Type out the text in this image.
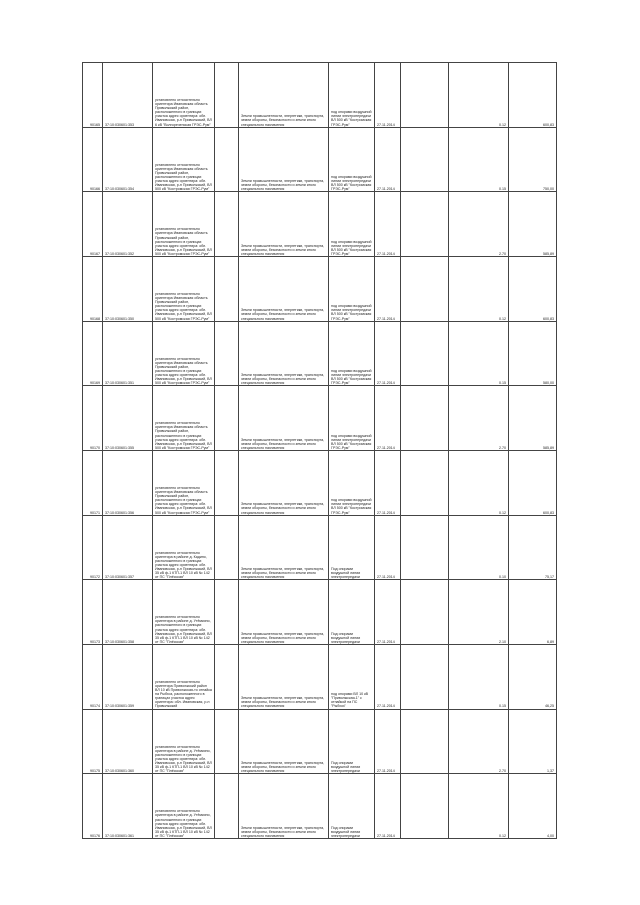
90165	37:10:030601:353	установлено относительно ориентира Ивановская область Приволжский район, расположенного в границах участка адрес ориентира: обл. Ивановская, р-н Приволжский, ВЛ 6 кВ "Волгореченская ГРЭС-Рум"		Земли промышленности, энергетики, транспорта, земли обороны, безопасности и земли иного специального назначения	под опорами воздушной линии электропередачи ВЛ 500 кВ "Костромская ГРЭС-Рум"	27.11.2014		0.12	600,83
90166	37:10:030601:354	установлено относительно ориентира Ивановская область Приволжский район, расположенного в границах участка адрес ориентира: обл. Ивановская, р-н Приволжский, ВЛ 500 кВ "Костромская ГРЭС-Рум"		Земли промышленности, энергетики, транспорта, земли обороны, безопасности и земли иного специального назначения	под опорами воздушной линии электропередачи ВЛ 500 кВ "Костромская ГРЭС-Рум"	27.11.2014		0.15	750,00
90167	37:10:030601:352	установлено относительно ориентира Ивановская область Приволжский район, расположенного в границах участка адрес ориентира: обл. Ивановская, р-н Приволжский, ВЛ 500 кВ "Костромская ГРЭС-Рум"		Земли промышленности, энергетики, транспорта, земли обороны, безопасности и земли иного специального назначения	под опорами воздушной линии электропередачи ВЛ 500 кВ "Костромская ГРЭС-Рум"	27.11.2014		2.70	585,89
90168	37:10:030601:350	установлено относительно ориентира Ивановская область Приволжский район, расположенного в границах участка адрес ориентира: обл. Ивановская, р-н Приволжский, ВЛ 500 кВ "Костромская ГРЭС-Рум"		Земли промышленности, энергетики, транспорта, земли обороны, безопасности и земли иного специального назначения	под опорами воздушной линии электропередачи ВЛ 500 кВ "Костромская ГРЭС-Рум"	27.11.2014		0.12	600,83
90169	37:10:030601:351	установлено относительно ориентира Ивановская область Приволжский район, расположенного в границах участка адрес ориентира: обл. Ивановская, р-н Приволжский, ВЛ 500 кВ "Костромская ГРЭС-Рум"		Земли промышленности, энергетики, транспорта, земли обороны, безопасности и земли иного специального назначения	под опорами воздушной линии электропередачи ВЛ 500 кВ "Костромская ГРЭС-Рум"	27.11.2014		0.15	580,00
90170	37:10:030601:355	установлено относительно ориентира Ивановская область Приволжский район, расположенного в границах участка адрес ориентира: обл. Ивановская, р-н Приволжский, ВЛ 500 кВ "Костромская ГРЭС-Рум"		Земли промышленности, энергетики, транспорта, земли обороны, безопасности и земли иного специального назначения	под опорами воздушной линии электропередачи ВЛ 500 кВ "Костромская ГРЭС-Рум"	27.11.2014		2.70	585,89
90171	37:10:030601:356	установлено относительно ориентира Ивановская область Приволжский район, расположенного в границах участка адрес ориентира: обл. Ивановская, р-н Приволжский, ВЛ 500 кВ "Костромская ГРЭС-Рум"		Земли промышленности, энергетики, транспорта, земли обороны, безопасности и земли иного специального назначения	под опорами воздушной линии электропередачи ВЛ 500 кВ "Костромская ГРЭС-Рум"	27.11.2014		0.12	600,83
90172	37:10:030601:357	установлено относительно ориентира в районе д. Кадино, расположенного в границах участка адрес ориентира: обл. Ивановская, р-н Приволжский, ВЛ 35 кВ ф-1 КТП-1 ВЛ 10 кВ № 142 от ПС "Плёсская"		Земли промышленности, энергетики, транспорта, земли обороны, безопасности и земли иного специального назначения	Под опорами воздушной линии электропередачи	27.11.2014		0.10	75,17
90173	37:10:030601:358	установлено относительно ориентира в районе д. Утёмкино, расположенного в границах участка адрес ориентира: обл. Ивановская, р-н Приволжский, ВЛ 35 кВ ф-1 КТП-1 ВЛ 10 кВ № 142 от ПС "Плёсская"		Земли промышленности, энергетики, транспорта, земли обороны, безопасности и земли иного специального назначения	Под опорами воздушной линии электропередачи	27.11.2014		2.10	6,89
90174	37:10:030601:359	установлено относительно ориентира Приволжский район ВЛ 10 кВ Приволжская-то отпайка на Рыбхоз, расположенного в границах участка адрес ориентира: обл. Ивановская, р-н Приволжский		Земли промышленности, энергетики, транспорта, земли обороны, безопасности и земли иного специального назначения	под опорами ВЛ 10 кВ "Приволжская-1" с отпайкой на ПС "Рыбхоз"	27.11.2014		0.15	46,25
90175	37:10:030601:360	установлено относительно ориентира в районе д. Утёмкино, расположенного в границах участка адрес ориентира: обл. Ивановская, р-н Приволжский, ВЛ 35 кВ ф-1 КТП-1 ВЛ 10 кВ № 142 от ПС "Плёсская"		Земли промышленности, энергетики, транспорта, земли обороны, безопасности и земли иного специального назначения	Под опорами воздушной линии электропередачи	27.11.2014		2.70	1,37
90176	37:10:030601:361	установлено относительно ориентира в районе д. Утёмкино, расположенного в границах участка адрес ориентира: обл. Ивановская, р-н Приволжский, ВЛ 35 кВ ф-1 КТП-1 ВЛ 10 кВ № 142 от ПС "Плёсская"		Земли промышленности, энергетики, транспорта, земли обороны, безопасности и земли иного специального назначения	Под опорами воздушной линии электропередачи	27.11.2014		0.12	4,00
